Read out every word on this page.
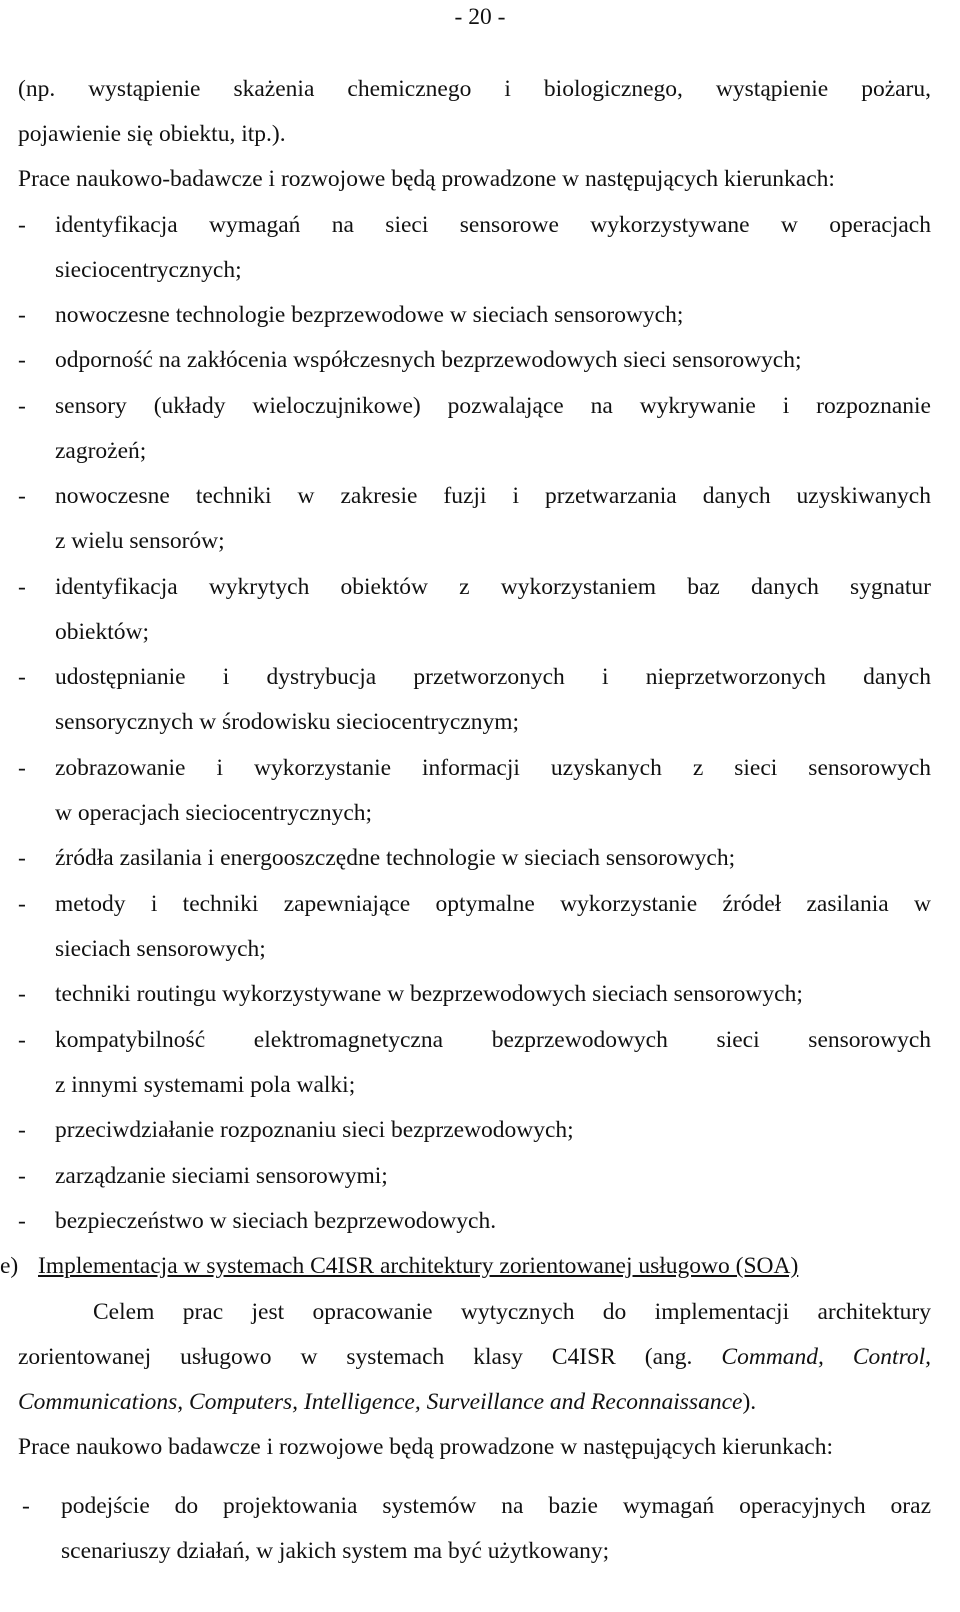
- 20 -
(np. wystąpienie skażenia chemicznego i biologicznego, wystąpienie pożaru,
pojawienie się obiektu, itp.).
Prace naukowo-badawcze i rozwojowe będą prowadzone w następujących kierunkach:
- identyfikacja wymagań na sieci sensorowe wykorzystywane w operacjach
sieciocentrycznych;
- nowoczesne technologie bezprzewodowe w sieciach sensorowych;
- odporność na zakłócenia współczesnych bezprzewodowych sieci sensorowych;
- sensory (układy wieloczujnikowe) pozwalające na wykrywanie i rozpoznanie
zagrożeń;
- nowoczesne techniki w zakresie fuzji i przetwarzania danych uzyskiwanych
z wielu sensorów;
- identyfikacja wykrytych obiektów z wykorzystaniem baz danych sygnatur
obiektów;
- udostępnianie i dystrybucja przetworzonych i nieprzetworzonych danych
sensorycznych w środowisku sieciocentrycznym;
- zobrazowanie i wykorzystanie informacji uzyskanych z sieci sensorowych
w operacjach sieciocentrycznych;
- źródła zasilania i energooszczędne technologie w sieciach sensorowych;
- metody i techniki zapewniające optymalne wykorzystanie źródeł zasilania w
sieciach sensorowych;
- techniki routingu wykorzystywane w bezprzewodowych sieciach sensorowych;
- kompatybilność elektromagnetyczna bezprzewodowych sieci sensorowych
z innymi systemami pola walki;
- przeciwdziałanie rozpoznaniu sieci bezprzewodowych;
- zarządzanie sieciami sensorowymi;
- bezpieczeństwo w sieciach bezprzewodowych.
e) Implementacja w systemach C4ISR architektury zorientowanej usługowo (SOA)
Celem prac jest opracowanie wytycznych do implementacji architektury
zorientowanej usługowo w systemach klasy C4ISR (ang. Command, Control,
Communications, Computers, Intelligence, Surveillance and Reconnaissance).
Prace naukowo badawcze i rozwojowe będą prowadzone w następujących kierunkach:
- podejście do projektowania systemów na bazie wymagań operacyjnych oraz
scenariuszy działań, w jakich system ma być użytkowany;
